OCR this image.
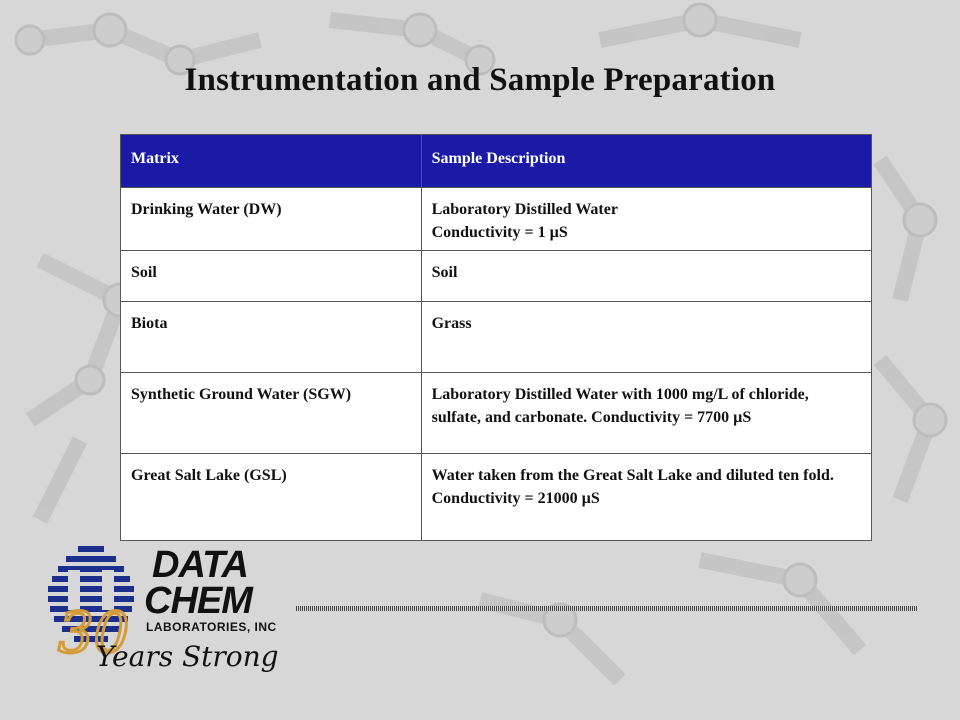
Instrumentation and Sample Preparation
Matrix	Sample Description
Drinking Water (DW)	Laboratory Distilled Water
Conductivity = 1 µS

Soil	Soil

Biota	Grass

Synthetic Ground Water (SGW)	Laboratory Distilled Water with 1000 mg/L of chloride, sulfate, and carbonate. Conductivity = 7700 µS

Great Salt Lake (GSL)	Water taken from the Great Salt Lake and diluted ten fold.
Conductivity = 21000 µS
30
DATA
CHEM
LABORATORIES, INC
Years Strong
